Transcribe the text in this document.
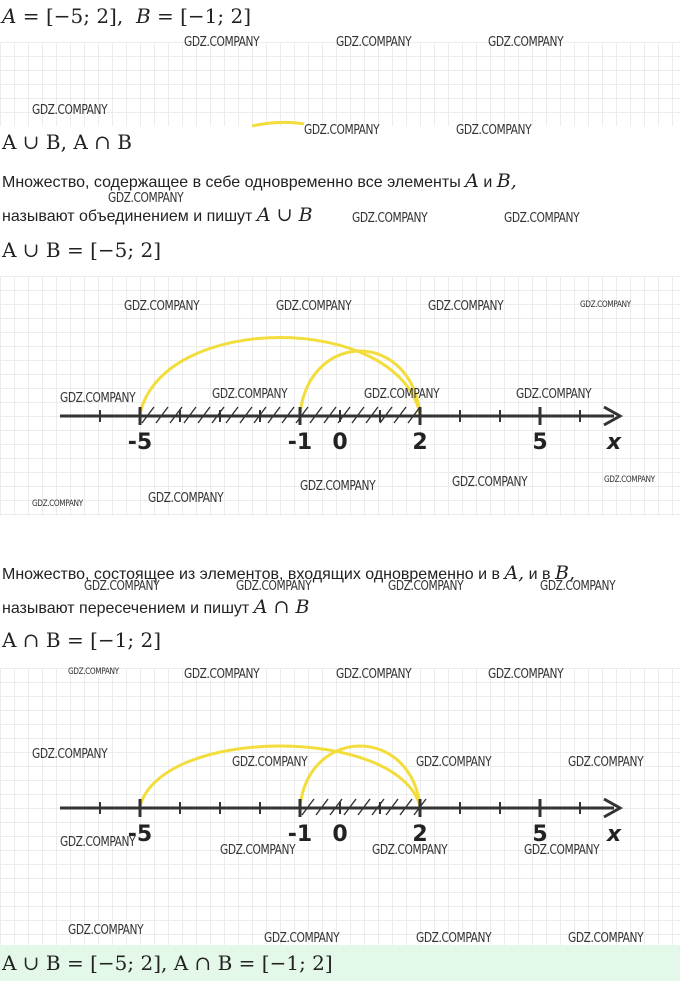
A = [−5; 2],  B = [−1; 2]
A ∪ B, A ∩ B
Множество, содержащее в себе одновременно все элементы A и B,
называют объединением и пишут A ∪ B
A ∪ B = [−5; 2]
-5	-1 0	2	5	x
Множество, состоящее из элементов, входящих одновременно и в A, и в B,
называют пересечением и пишут A ∩ B
A ∩ B = [−1; 2]
-5	-1 0	2	5	x
A ∪ B = [−5; 2], A ∩ B = [−1; 2]
GDZ.COMPANY	GDZ.COMPANY	GDZ.COMPANY
GDZ.COMPANY
GDZ.COMPANY	GDZ.COMPANY
GDZ.COMPANY
GDZ.COMPANY	GDZ.COMPANY
GDZ.COMPANY	GDZ.COMPANY	GDZ.COMPANY	GDZ.COMPANY
GDZ.COMPANY	GDZ.COMPANY	GDZ.COMPANY	GDZ.COMPANY
GDZ.COMPANY	GDZ.COMPANY	GDZ.COMPANY
GDZ.COMPANY
GDZ.COMPANY
GDZ.COMPANY	GDZ.COMPANY	GDZ.COMPANY	GDZ.COMPANY
GDZ.COMPANY	GDZ.COMPANY	GDZ.COMPANY	GDZ.COMPANY
GDZ.COMPANY
GDZ.COMPANY	GDZ.COMPANY	GDZ.COMPANY
GDZ.COMPANY
GDZ.COMPANY	GDZ.COMPANY	GDZ.COMPANY
GDZ.COMPANY
GDZ.COMPANY	GDZ.COMPANY	GDZ.COMPANY
